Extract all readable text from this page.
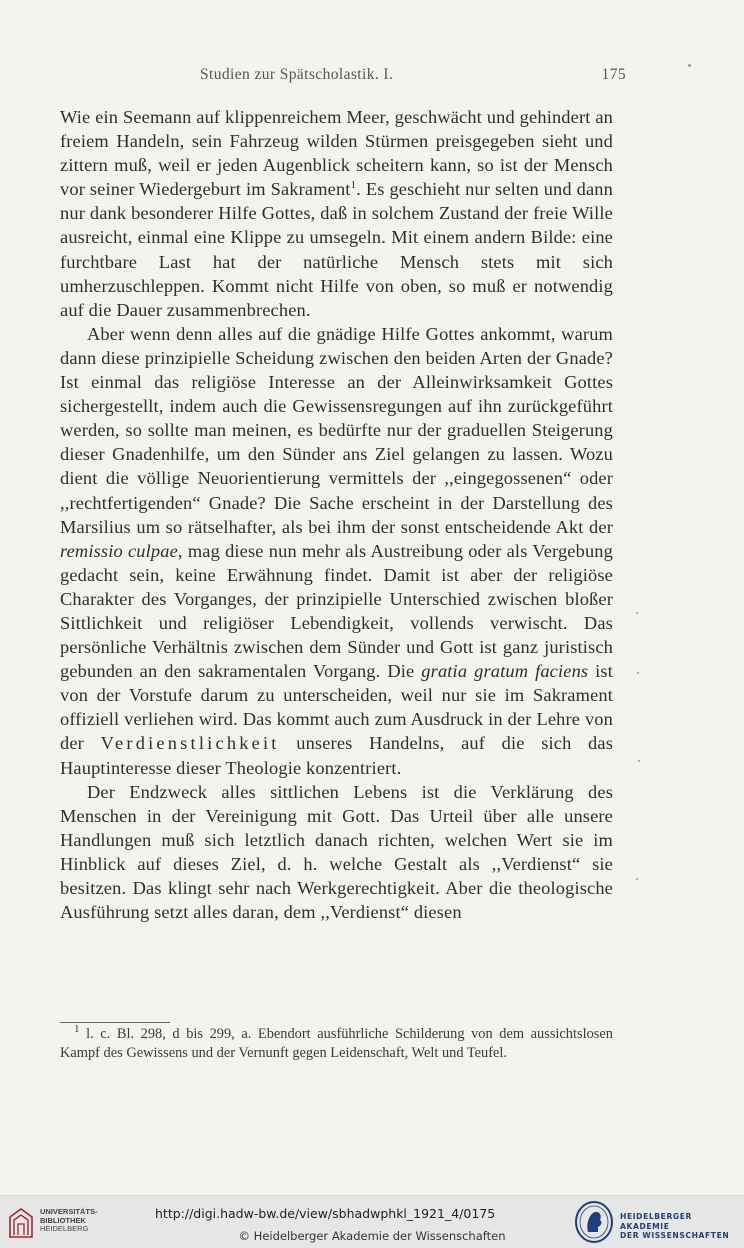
Studien zur Spätscholastik. I.	175

Wie ein Seemann auf klippenreichem Meer, geschwächt und gehindert an freiem Handeln, sein Fahrzeug wilden Stürmen preisgegeben sieht und zittern muß, weil er jeden Augenblick scheitern kann, so ist der Mensch vor seiner Wiedergeburt im Sakrament$^1$. Es geschieht nur selten und dann nur dank besonderer Hilfe Gottes, daß in solchem Zustand der freie Wille ausreicht, einmal eine Klippe zu umsegeln. Mit einem andern Bilde: eine furchtbare Last hat der natürliche Mensch stets mit sich umherzuschleppen. Kommt nicht Hilfe von oben, so muß er notwendig auf die Dauer zusammenbrechen.

Aber wenn denn alles auf die gnädige Hilfe Gottes ankommt, warum dann diese prinzipielle Scheidung zwischen den beiden Arten der Gnade? Ist einmal das religiöse Interesse an der Alleinwirksamkeit Gottes sichergestellt, indem auch die Gewissensregungen auf ihn zurückgeführt werden, so sollte man meinen, es bedürfte nur der graduellen Steigerung dieser Gnadenhilfe, um den Sünder ans Ziel gelangen zu lassen. Wozu dient die völlige Neuorientierung vermittels der ,,eingegossenen“ oder ,,rechtfertigenden“ Gnade? Die Sache erscheint in der Darstellung des Marsilius um so rätselhafter, als bei ihm der sonst entscheidende Akt der remissio culpae, mag diese nun mehr als Austreibung oder als Vergebung gedacht sein, keine Erwähnung findet. Damit ist aber der religiöse Charakter des Vorganges, der prinzipielle Unterschied zwischen bloßer Sittlichkeit und religiöser Lebendigkeit, vollends verwischt. Das persönliche Verhältnis zwischen dem Sünder und Gott ist ganz juristisch gebunden an den sakramentalen Vorgang. Die gratia gratum faciens ist von der Vorstufe darum zu unterscheiden, weil nur sie im Sakrament offiziell verliehen wird. Das kommt auch zum Ausdruck in der Lehre von der Verdienstlichkeit unseres Handelns, auf die sich das Hauptinteresse dieser Theologie konzentriert.

Der Endzweck alles sittlichen Lebens ist die Verklärung des Menschen in der Vereinigung mit Gott. Das Urteil über alle unsere Handlungen muß sich letztlich danach richten, welchen Wert sie im Hinblick auf dieses Ziel, d. h. welche Gestalt als ,,Verdienst“ sie besitzen. Das klingt sehr nach Werkgerechtigkeit. Aber die theologische Ausführung setzt alles daran, dem ,,Verdienst“ diesen

$^1$ l. c. Bl. 298, d bis 299, a. Ebendort ausführliche Schilderung von dem aussichtslosen Kampf des Gewissens und der Vernunft gegen Leidenschaft, Welt und Teufel.

UNIVERSITÄTS-
BIBLIOTHEK
HEIDELBERG
http://digi.hadw-bw.de/view/sbhadwphkl_1921_4/0175
© Heidelberger Akademie der Wissenschaften
HEIDELBERGER AKADEMIE
DER WISSENSCHAFTEN
